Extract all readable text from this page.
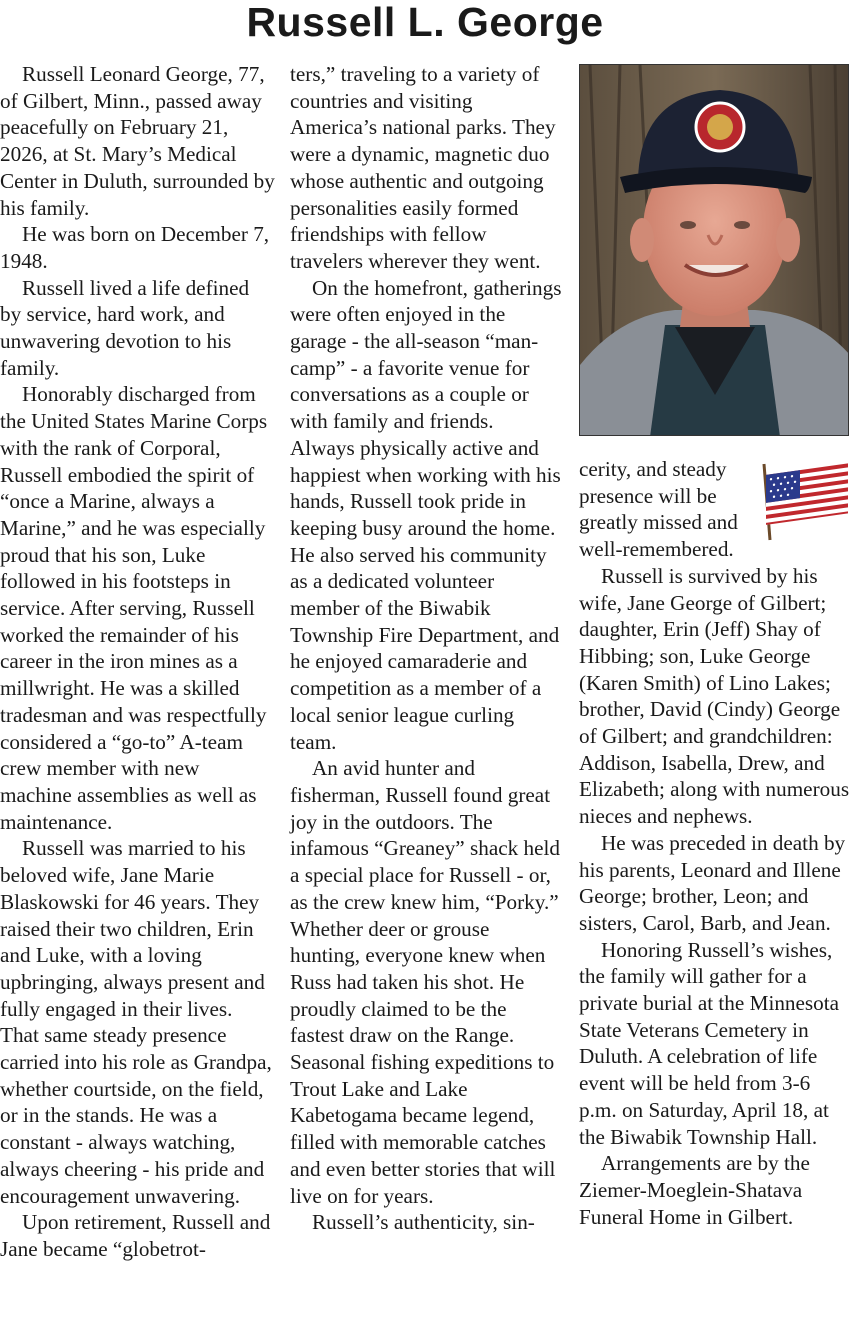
Russell L. George

Russell Leonard George, 77, of Gilbert, Minn., passed away peacefully on February 21, 2026, at St. Mary’s Medical Center in Duluth, surrounded by his family.

He was born on December 7, 1948.

Russell lived a life defined by service, hard work, and unwavering devotion to his family.

Honorably discharged from the United States Marine Corps with the rank of Corporal, Russell embodied the spirit of “once a Marine, always a Marine,” and he was especially proud that his son, Luke followed in his footsteps in service. After serving, Russell worked the remainder of his career in the iron mines as a millwright. He was a skilled tradesman and was respectfully considered a “go-to” A-team crew member with new machine assemblies as well as maintenance.

Russell was married to his beloved wife, Jane Marie Blaskowski for 46 years. They raised their two children, Erin and Luke, with a loving upbringing, always present and fully engaged in their lives. That same steady presence carried into his role as Grandpa, whether courtside, on the field, or in the stands. He was a constant - always watching, always cheering - his pride and encouragement unwavering.

Upon retirement, Russell and Jane became “globetrot-

ters,” traveling to a variety of countries and visiting America’s national parks. They were a dynamic, magnetic duo whose authentic and outgoing personalities easily formed friendships with fellow travelers wherever they went.

On the homefront, gatherings were often enjoyed in the garage - the all-season “man-camp” - a favorite venue for conversations as a couple or with family and friends. Always physically active and happiest when working with his hands, Russell took pride in keeping busy around the home. He also served his community as a dedicated volunteer member of the Biwabik Township Fire Department, and he enjoyed camaraderie and competition as a member of a local senior league curling team.

An avid hunter and fisherman, Russell found great joy in the outdoors. The infamous “Greaney” shack held a special place for Russell - or, as the crew knew him, “Porky.” Whether deer or grouse hunting, everyone knew when Russ had taken his shot. He proudly claimed to be the fastest draw on the Range. Seasonal fishing expeditions to Trout Lake and Lake Kabetogama became legend, filled with memorable catches and even better stories that will live on for years.

Russell’s authenticity, sin-

cerity, and steady presence will be greatly missed and well-remembered.

Russell is survived by his wife, Jane George of Gilbert; daughter, Erin (Jeff) Shay of Hibbing; son, Luke George (Karen Smith) of Lino Lakes; brother, David (Cindy) George of Gilbert; and grandchildren: Addison, Isabella, Drew, and Elizabeth; along with numerous nieces and nephews.

He was preceded in death by his parents, Leonard and Illene George; brother, Leon; and sisters, Carol, Barb, and Jean.

Honoring Russell’s wishes, the family will gather for a private burial at the Minnesota State Veterans Cemetery in Duluth. A celebration of life event will be held from 3-6 p.m. on Saturday, April 18, at the Biwabik Township Hall.

Arrangements are by the Ziemer-Moeglein-Shatava Funeral Home in Gilbert.
